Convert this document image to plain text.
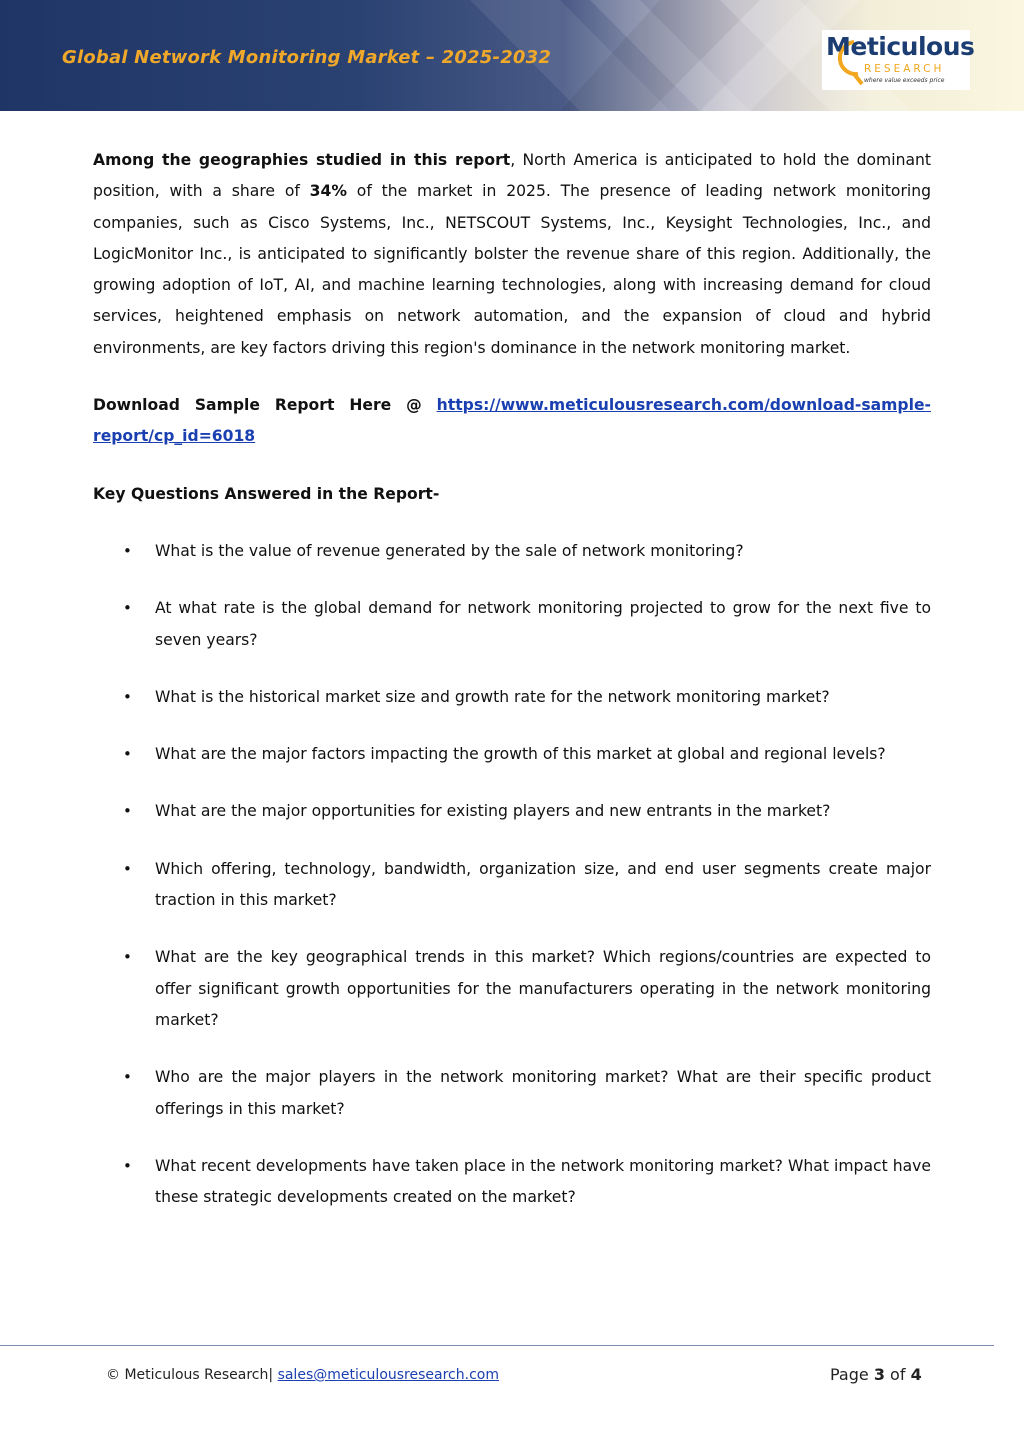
Global Network Monitoring Market – 2025-2032	Meticulous
RESEARCH
where value exceeds price

Among the geographies studied in this report, North America is anticipated to hold the dominant position, with a share of 34% of the market in 2025. The presence of leading network monitoring companies, such as Cisco Systems, Inc., NETSCOUT Systems, Inc., Keysight Technologies, Inc., and LogicMonitor Inc., is anticipated to significantly bolster the revenue share of this region. Additionally, the growing adoption of IoT, AI, and machine learning technologies, along with increasing demand for cloud services, heightened emphasis on network automation, and the expansion of cloud and hybrid environments, are key factors driving this region's dominance in the network monitoring market.

Download Sample Report Here @ https://www.meticulousresearch.com/download-sample-report/cp_id=6018

Key Questions Answered in the Report-

• What is the value of revenue generated by the sale of network monitoring?
• At what rate is the global demand for network monitoring projected to grow for the next five to seven years?
• What is the historical market size and growth rate for the network monitoring market?
• What are the major factors impacting the growth of this market at global and regional levels?
• What are the major opportunities for existing players and new entrants in the market?
• Which offering, technology, bandwidth, organization size, and end user segments create major traction in this market?
• What are the key geographical trends in this market? Which regions/countries are expected to offer significant growth opportunities for the manufacturers operating in the network monitoring market?
• Who are the major players in the network monitoring market? What are their specific product offerings in this market?
• What recent developments have taken place in the network monitoring market? What impact have these strategic developments created on the market?
© Meticulous Research| sales@meticulousresearch.com	Page 3 of 4
